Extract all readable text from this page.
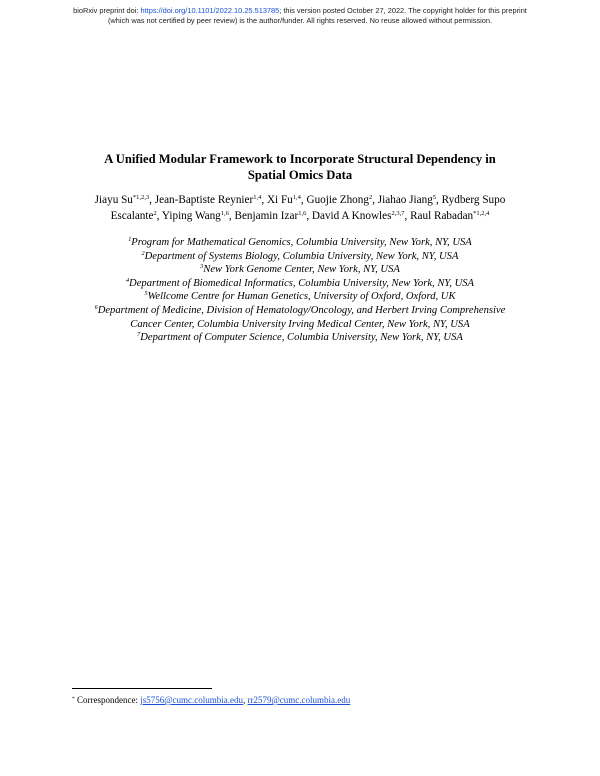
bioRxiv preprint doi: https://doi.org/10.1101/2022.10.25.513785; this version posted October 27, 2022. The copyright holder for this preprint
(which was not certified by peer review) is the author/funder. All rights reserved. No reuse allowed without permission.
A Unified Modular Framework to Incorporate Structural Dependency in
Spatial Omics Data
Jiayu Su$^{*1,2,3}$, Jean-Baptiste Reynier$^{1,4}$, Xi Fu$^{1,4}$, Guojie Zhong$^2$, Jiahao Jiang$^5$, Rydberg Supo Escalante$^2$, Yiping Wang$^{1,6}$, Benjamin Izar$^{1,6}$, David A Knowles$^{2,3,7}$, Raul Rabadan$^{*1,2,4}$
$^1$Program for Mathematical Genomics, Columbia University, New York, NY, USA
$^2$Department of Systems Biology, Columbia University, New York, NY, USA
$^3$New York Genome Center, New York, NY, USA
$^4$Department of Biomedical Informatics, Columbia University, New York, NY, USA
$^5$Wellcome Centre for Human Genetics, University of Oxford, Oxford, UK
$^6$Department of Medicine, Division of Hematology/Oncology, and Herbert Irving Comprehensive
Cancer Center, Columbia University Irving Medical Center, New York, NY, USA
$^7$Department of Computer Science, Columbia University, New York, NY, USA
* Correspondence: js5756@cumc.columbia.edu, rr2579@cumc.columbia.edu
